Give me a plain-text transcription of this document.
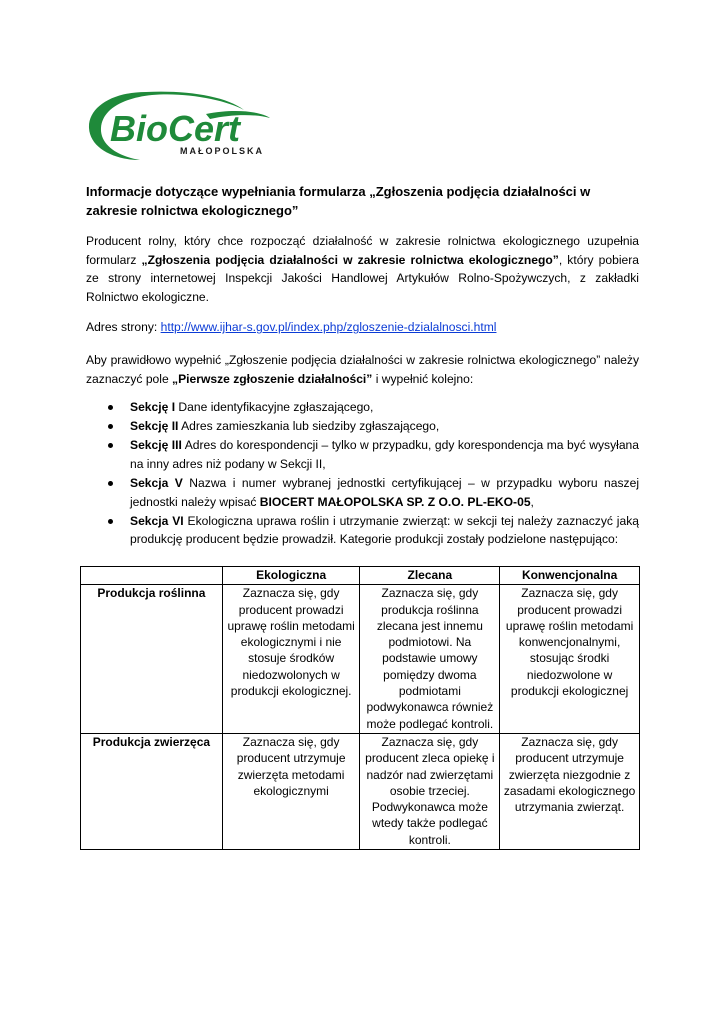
BioCert
MAŁOPOLSKA
Informacje dotyczące wypełniania formularza „Zgłoszenia podjęcia działalności w zakresie rolnictwa ekologicznego”

Producent rolny, który chce rozpocząć działalność w zakresie rolnictwa ekologicznego uzupełnia formularz „Zgłoszenia podjęcia działalności w zakresie rolnictwa ekologicznego”, który pobiera ze strony internetowej Inspekcji Jakości Handlowej Artykułów Rolno-Spożywczych, z zakładki Rolnictwo ekologiczne.

Adres strony: http://www.ijhar-s.gov.pl/index.php/zgloszenie-dzialalnosci.html

Aby prawidłowo wypełnić „Zgłoszenie podjęcia działalności w zakresie rolnictwa ekologicznego” należy zaznaczyć pole „Pierwsze zgłoszenie działalności” i wypełnić kolejno:

Sekcję I Dane identyfikacyjne zgłaszającego,
Sekcję II Adres zamieszkania lub siedziby zgłaszającego,
Sekcję III Adres do korespondencji – tylko w przypadku, gdy korespondencja ma być wysyłana na inny adres niż podany w Sekcji II,
Sekcja V Nazwa i numer wybranej jednostki certyfikującej – w przypadku wyboru naszej jednostki należy wpisać BIOCERT MAŁOPOLSKA SP. Z O.O. PL-EKO-05,
Sekcja VI Ekologiczna uprawa roślin i utrzymanie zwierząt: w sekcji tej należy zaznaczyć jaką produkcję producent będzie prowadził. Kategorie produkcji zostały podzielone następująco:
	Ekologiczna	Zlecana	Konwencjonalna
Produkcja roślinna	Zaznacza się, gdy producent prowadzi uprawę roślin metodami ekologicznymi i nie stosuje środków niedozwolonych w produkcji ekologicznej.	Zaznacza się, gdy produkcja roślinna zlecana jest innemu podmiotowi. Na podstawie umowy pomiędzy dwoma podmiotami podwykonawca również może podlegać kontroli.	Zaznacza się, gdy producent prowadzi uprawę roślin metodami konwencjonalnymi, stosując środki niedozwolone w produkcji ekologicznej
Produkcja zwierzęca	Zaznacza się, gdy producent utrzymuje zwierzęta metodami ekologicznymi	Zaznacza się, gdy producent zleca opiekę i nadzór nad zwierzętami osobie trzeciej. Podwykonawca może wtedy także podlegać kontroli.	Zaznacza się, gdy producent utrzymuje zwierzęta niezgodnie z zasadami ekologicznego utrzymania zwierząt.
